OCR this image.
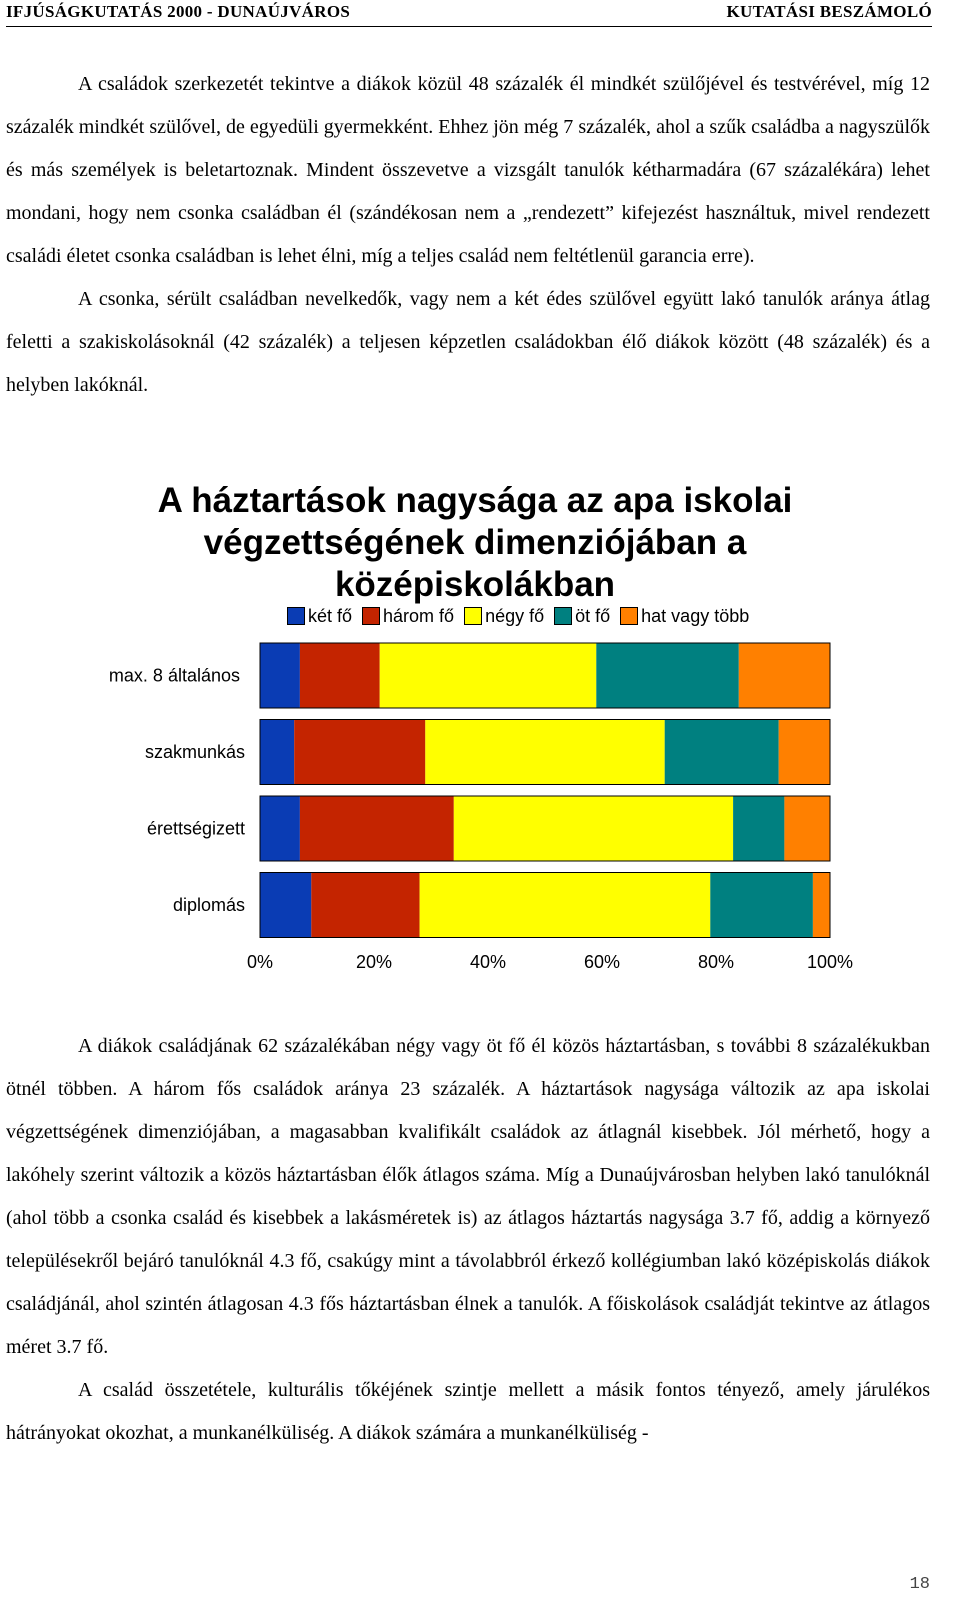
IFJÚSÁGKUTATÁS 2000 - DUNAÚJVÁROS	KUTATÁSI BESZÁMOLÓ

A családok szerkezetét tekintve a diákok közül 48 százalék él mindkét szülőjével és testvérével, míg 12 százalék mindkét szülővel, de egyedüli gyermekként. Ehhez jön még 7 százalék, ahol a szűk családba a nagyszülők és más személyek is beletartoznak. Mindent összevetve a vizsgált tanulók kétharmadára (67 százalékára) lehet mondani, hogy nem csonka családban él (szándékosan nem a „rendezett” kifejezést használtuk, mivel rendezett családi életet csonka családban is lehet élni, míg a teljes család nem feltétlenül garancia erre).

A csonka, sérült családban nevelkedők, vagy nem a két édes szülővel együtt lakó tanulók aránya átlag feletti a szakiskolásoknál (42 százalék) a teljesen képzetlen családokban élő diákok között (48 százalék) és a helyben lakóknál.

A háztartások nagysága az apa iskolai végzettségének dimenziójában a középiskolákban
két fő három fő négy fő öt fő hat vagy több
max. 8 általános
szakmunkás
érettségizett
diplomás
0%	20%	40%	60%	80%	100%

A diákok családjának 62 százalékában négy vagy öt fő él közös háztartásban, s további 8 százalékukban ötnél többen. A három fős családok aránya 23 százalék. A háztartások nagysága változik az apa iskolai végzettségének dimenziójában, a magasabban kvalifikált családok az átlagnál kisebbek. Jól mérhető, hogy a lakóhely szerint változik a közös háztartásban élők átlagos száma. Míg a Dunaújvárosban helyben lakó tanulóknál (ahol több a csonka család és kisebbek a lakásméretek is) az átlagos háztartás nagysága 3.7 fő, addig a környező településekről bejáró tanulóknál 4.3 fő, csakúgy mint a távolabbról érkező kollégiumban lakó középiskolás diákok családjánál, ahol szintén átlagosan 4.3 fős háztartásban élnek a tanulók. A főiskolások családját tekintve az átlagos méret 3.7 fő.

A család összetétele, kulturális tőkéjének szintje mellett a másik fontos tényező, amely járulékos hátrányokat okozhat, a munkanélküliség. A diákok számára a munkanélküliség -

18
